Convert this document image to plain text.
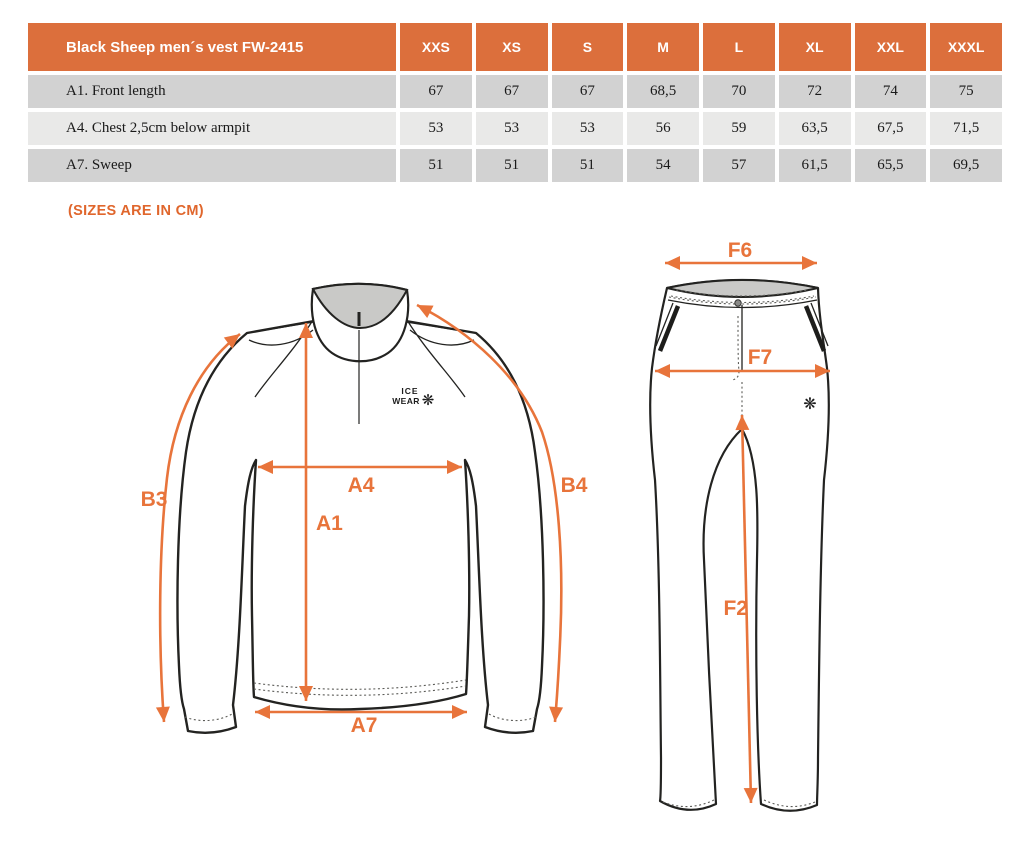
Black Sheep men´s vest FW-2415	XXS	XS	S	M	L	XL	XXL	XXXL
A1. Front length	67	67	67	68,5	70	72	74	75
A4. Chest 2,5cm below armpit	53	53	53	56	59	63,5	67,5	71,5
A7. Sweep	51	51	51	54	57	61,5	65,5	69,5
(SIZES ARE IN CM)
ICE
WEAR ❋
B3
A1
A4
A7
B4
❋
F6
F7
F2
